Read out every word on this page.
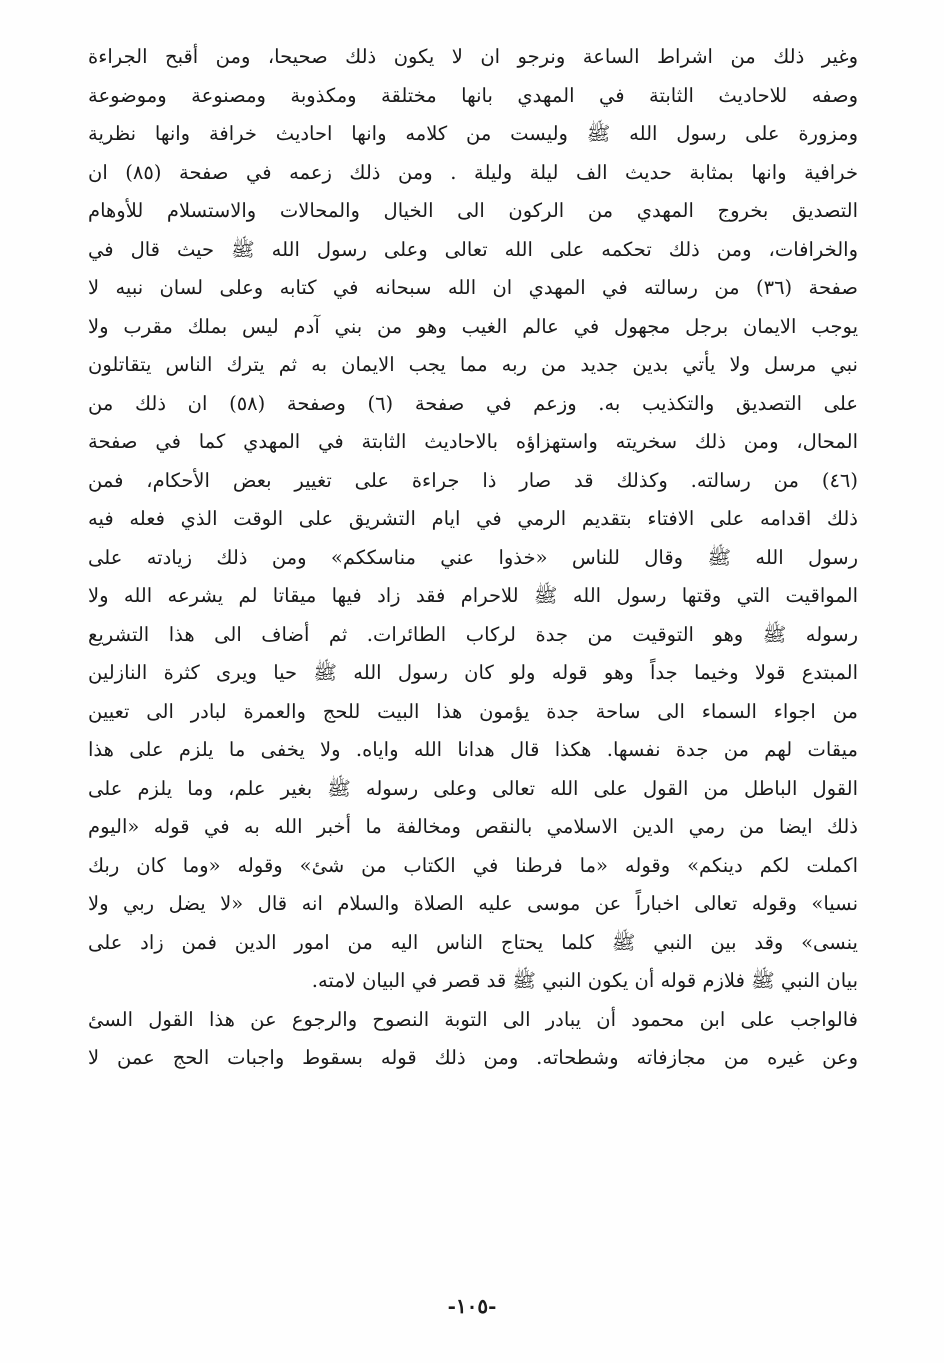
وغير ذلك من اشراط الساعة ونرجو ان لا يكون ذلك صحيحا، ومن أقبح الجراءة
وصفه للاحاديث الثابتة في المهدي بانها مختلقة ومكذوبة ومصنوعة وموضوعة
ومزورة على رسول الله ﷺ وليست من كلامه وانها احاديث خرافة وانها نظرية
خرافية وانها بمثابة حديث الف ليلة وليلة . ومن ذلك زعمه في صفحة (٨٥) ان
التصديق بخروج المهدي من الركون الى الخيال والمحالات والاستسلام للأوهام
والخرافات، ومن ذلك تحكمه على الله تعالى وعلى رسول الله ﷺ حيث قال في
صفحة (٣٦) من رسالته في المهدي ان الله سبحانه في كتابه وعلى لسان نبيه لا
يوجب الايمان برجل مجهول في عالم الغيب وهو من بني آدم ليس بملك مقرب ولا
نبي مرسل ولا يأتي بدين جديد من ربه مما يجب الايمان به ثم يترك الناس يتقاتلون
على التصديق والتكذيب به. وزعم في صفحة (٦) وصفحة (٥٨) ان ذلك من
المحال، ومن ذلك سخريته واستهزاؤه بالاحاديث الثابتة في المهدي كما في صفحة
(٤٦) من رسالته. وكذلك قد صار ذا جراءة على تغيير بعض الأحكام، فمن
ذلك اقدامه على الافتاء بتقديم الرمي في ايام التشريق على الوقت الذي فعله فيه
رسول الله ﷺ وقال للناس «خذوا عني مناسككم» ومن ذلك زيادته على
المواقيت التي وقتها رسول الله ﷺ للاحرام فقد زاد فيها ميقاتا لم يشرعه الله ولا
رسوله ﷺ وهو التوقيت من جدة لركاب الطائرات. ثم أضاف الى هذا التشريع
المبتدع قولا وخيما جداً وهو قوله ولو كان رسول الله ﷺ حيا ويرى كثرة النازلين
من اجواء السماء الى ساحة جدة يؤمون هذا البيت للحج والعمرة لبادر الى تعيين
ميقات لهم من جدة نفسها. هكذا قال هدانا الله واياه. ولا يخفى ما يلزم على هذا
القول الباطل من القول على الله تعالى وعلى رسوله ﷺ بغير علم، وما يلزم على
ذلك ايضا من رمي الدين الاسلامي بالنقص ومخالفة ما أخبر الله به في قوله «اليوم
اكملت لكم دينكم» وقوله «ما فرطنا في الكتاب من شئ» وقوله «وما كان ربك
نسيا» وقوله تعالى اخباراً عن موسى عليه الصلاة والسلام انه قال «لا يضل ربي ولا
ينسى» وقد بين النبي ﷺ كلما يحتاج الناس اليه من امور الدين فمن زاد على
بيان النبي ﷺ فلازم قوله أن يكون النبي ﷺ قد قصر في البيان لامته.
فالواجب على ابن محمود أن يبادر الى التوبة النصوح والرجوع عن هذا القول السئ
وعن غيره من مجازفاته وشطحاته. ومن ذلك قوله بسقوط واجبات الحج عمن لا
-١٠٥-
